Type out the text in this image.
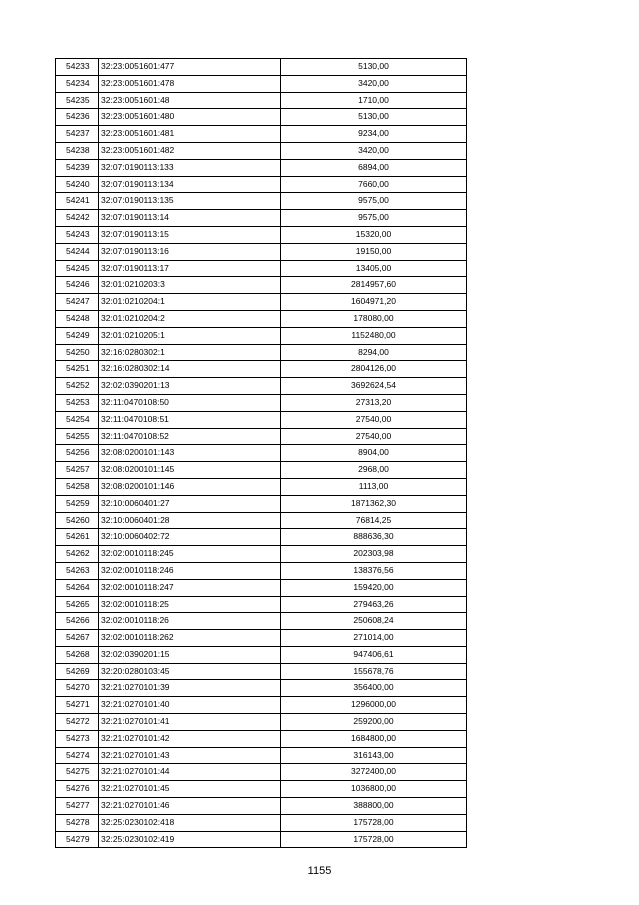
54233	32:23:0051601:477	5130,00
54234	32:23:0051601:478	3420,00
54235	32:23:0051601:48	1710,00
54236	32:23:0051601:480	5130,00
54237	32:23:0051601:481	9234,00
54238	32:23:0051601:482	3420,00
54239	32:07:0190113:133	6894,00
54240	32:07:0190113:134	7660,00
54241	32:07:0190113:135	9575,00
54242	32:07:0190113:14	9575,00
54243	32:07:0190113:15	15320,00
54244	32:07:0190113:16	19150,00
54245	32:07:0190113:17	13405,00
54246	32:01:0210203:3	2814957,60
54247	32:01:0210204:1	1604971,20
54248	32:01:0210204:2	178080,00
54249	32:01:0210205:1	1152480,00
54250	32:16:0280302:1	8294,00
54251	32:16:0280302:14	2804126,00
54252	32:02:0390201:13	3692624,54
54253	32:11:0470108:50	27313,20
54254	32:11:0470108:51	27540,00
54255	32:11:0470108:52	27540,00
54256	32:08:0200101:143	8904,00
54257	32:08:0200101:145	2968,00
54258	32:08:0200101:146	1113,00
54259	32:10:0060401:27	1871362,30
54260	32:10:0060401:28	76814,25
54261	32:10:0060402:72	888636,30
54262	32:02:0010118:245	202303,98
54263	32:02:0010118:246	138376,56
54264	32:02:0010118:247	159420,00
54265	32:02:0010118:25	279463,26
54266	32:02:0010118:26	250608,24
54267	32:02:0010118:262	271014,00
54268	32:02:0390201:15	947406,61
54269	32:20:0280103:45	155678,76
54270	32:21:0270101:39	356400,00
54271	32:21:0270101:40	1296000,00
54272	32:21:0270101:41	259200,00
54273	32:21:0270101:42	1684800,00
54274	32:21:0270101:43	316143,00
54275	32:21:0270101:44	3272400,00
54276	32:21:0270101:45	1036800,00
54277	32:21:0270101:46	388800,00
54278	32:25:0230102:418	175728,00
54279	32:25:0230102:419	175728,00
1155
